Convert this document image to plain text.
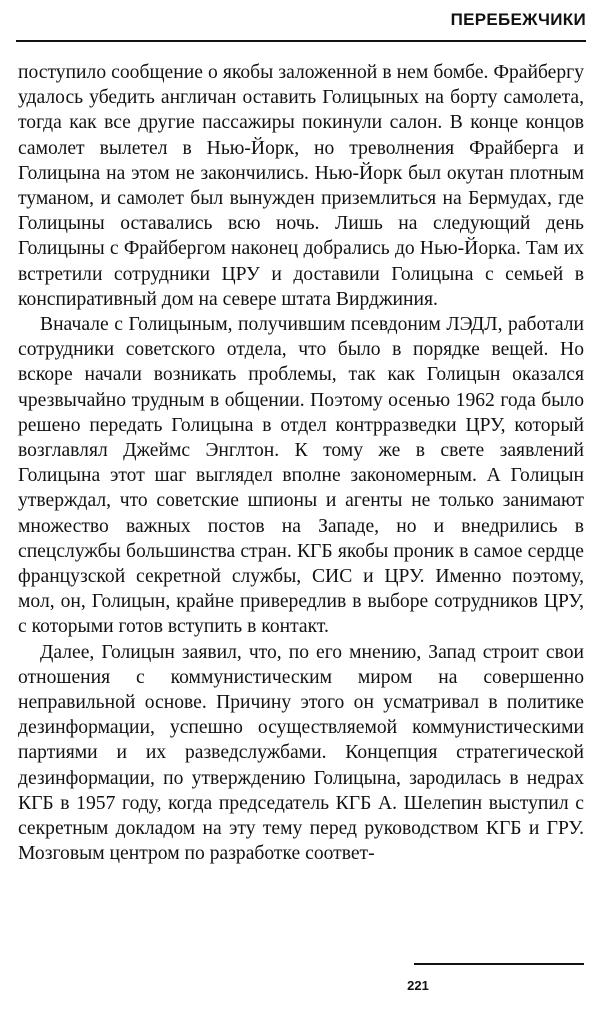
ПЕРЕБЕЖЧИКИ

поступило сообщение о якобы заложенной в нем бомбе. Фрайбергу удалось убедить англичан оставить Голицыных на борту самолета, тогда как все другие пассажиры покинули салон. В конце концов самолет вылетел в Нью-Йорк, но треволнения Фрайберга и Голицына на этом не закончились. Нью-Йорк был окутан плотным туманом, и самолет был вынужден приземлиться на Бермудах, где Голицыны оставались всю ночь. Лишь на следующий день Голицыны с Фрайбергом наконец добрались до Нью-Йорка. Там их встретили сотрудники ЦРУ и доставили Голицына с семьей в конспиративный дом на севере штата Вирджиния.

Вначале с Голицыным, получившим псевдоним ЛЭДЛ, работали сотрудники советского отдела, что было в порядке вещей. Но вскоре начали возникать проблемы, так как Голицын оказался чрезвычайно трудным в общении. Поэтому осенью 1962 года было решено передать Голицына в отдел контрразведки ЦРУ, который возглавлял Джеймс Энглтон. К тому же в свете заявлений Голицына этот шаг выглядел вполне закономерным. А Голицын утверждал, что советские шпионы и агенты не только занимают множество важных постов на Западе, но и внедрились в спецслужбы большинства стран. КГБ якобы проник в самое сердце французской секретной службы, СИС и ЦРУ. Именно поэтому, мол, он, Голицын, крайне привередлив в выборе сотрудников ЦРУ, с которыми готов вступить в контакт.

Далее, Голицын заявил, что, по его мнению, Запад строит свои отношения с коммунистическим миром на совершенно неправильной основе. Причину этого он усматривал в политике дезинформации, успешно осуществляемой коммунистическими партиями и их разведслужбами. Концепция стратегической дезинформации, по утверждению Голицына, зародилась в недрах КГБ в 1957 году, когда председатель КГБ А. Шелепин выступил с секретным докладом на эту тему перед руководством КГБ и ГРУ. Мозговым центром по разработке соответ-

221
